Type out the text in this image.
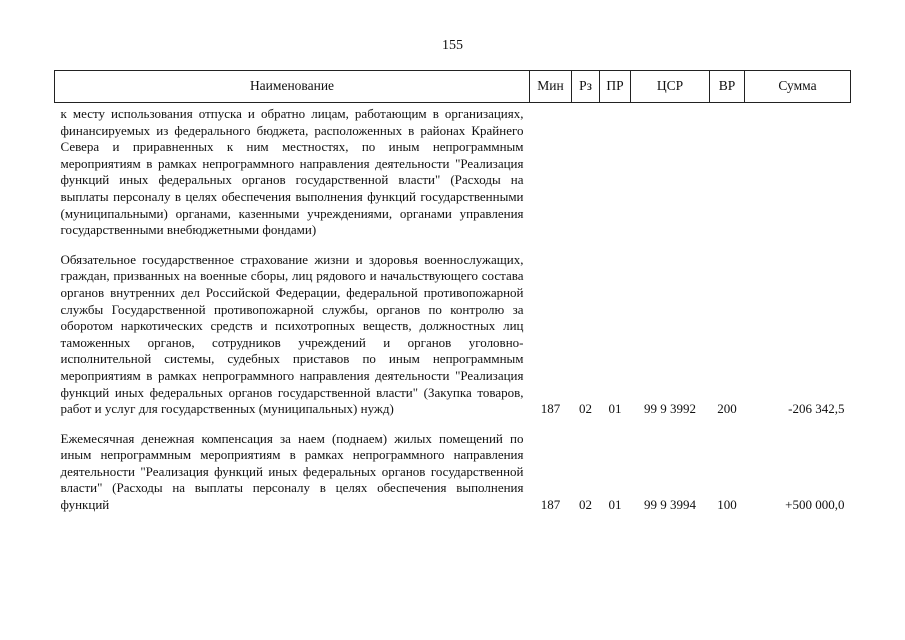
155
Наименование	Мин	Рз	ПР	ЦСР	ВР	Сумма

к месту использования отпуска и обратно лицам, работающим в организациях, финансируемых из федерального бюджета, расположенных в районах Крайнего Севера и приравненных к ним местностях, по иным непрограммным мероприятиям в рамках непрограммного направления деятельности "Реализация функций иных федеральных органов государственной власти" (Расходы на выплаты персоналу в целях обеспечения выполнения функций государственными (муниципальными) органами, казенными учреждениями, органами управления государственными внебюджетными фондами)						

Обязательное государственное страхование жизни и здоровья военнослужащих, граждан, призванных на военные сборы, лиц рядового и начальствующего состава органов внутренних дел Российской Федерации, федеральной противопожарной службы Государственной противопожарной службы, органов по контролю за оборотом наркотических средств и психотропных веществ, должностных лиц таможенных органов, сотрудников учреждений и органов уголовно-исполнительной системы, судебных приставов по иным непрограммным мероприятиям в рамках непрограммного направления деятельности "Реализация функций иных федеральных органов государственной власти" (Закупка товаров, работ и услуг для государственных (муниципальных) нужд)	187	02	01	99 9 3992	200	-206 342,5

Ежемесячная денежная компенсация за наем (поднаем) жилых помещений по иным непрограммным мероприятиям в рамках непрограммного направления деятельности "Реализация функций иных федеральных органов государственной власти" (Расходы на выплаты персоналу в целях обеспечения выполнения функций	187	02	01	99 9 3994	100	+500 000,0
